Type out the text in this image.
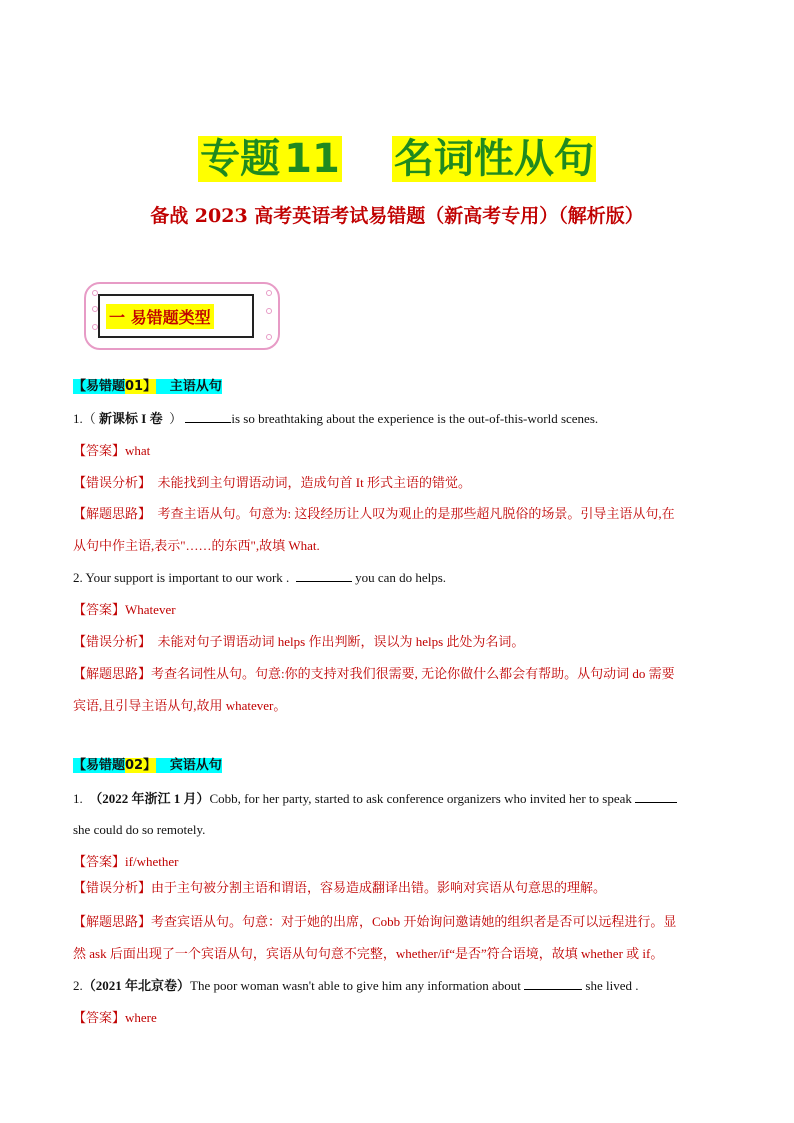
专题 11 名词性从句
备战 2023 高考英语考试易错题（新高考专用）（解析版）
一 易错题类型
【易错题01】 主语从句
1.（ 新课标 I 卷 ）	is so breathtaking about the experience is the out-of-this-world scenes.
【答案】what
【错误分析】 未能找到主句谓语动词，造成句首 It 形式主语的错觉。
【解题思路】 考查主语从句。句意为: 这段经历让人叹为观止的是那些超凡脱俗的场景。引导主语从句,在
从句中作主语,表示"……的东西",故填 What.
2. Your support is important to our work .	you can do helps.
【答案】Whatever
【错误分析】 未能对句子谓语动词 helps 作出判断，误以为 helps 此处为名词。
【解题思路】考查名词性从句。句意:你的支持对我们很需要, 无论你做什么都会有帮助。从句动词 do 需要
宾语,且引导主语从句,故用 whatever。
【易错题02】 宾语从句
1. （2022 年浙江 1 月）Cobb, for her party, started to ask conference organizers who invited her to speak
she could do so remotely.
【答案】if/whether
【错误分析】由于主句被分割主语和谓语，容易造成翻译出错。影响对宾语从句意思的理解。
【解题思路】考查宾语从句。句意：对于她的出席，Cobb 开始询问邀请她的组织者是否可以远程进行。显
然 ask 后面出现了一个宾语从句，宾语从句句意不完整，whether/if“是否”符合语境，故填 whether 或 if。
2.（2021 年北京卷）The poor woman wasn't able to give him any information about	she lived .
【答案】where
